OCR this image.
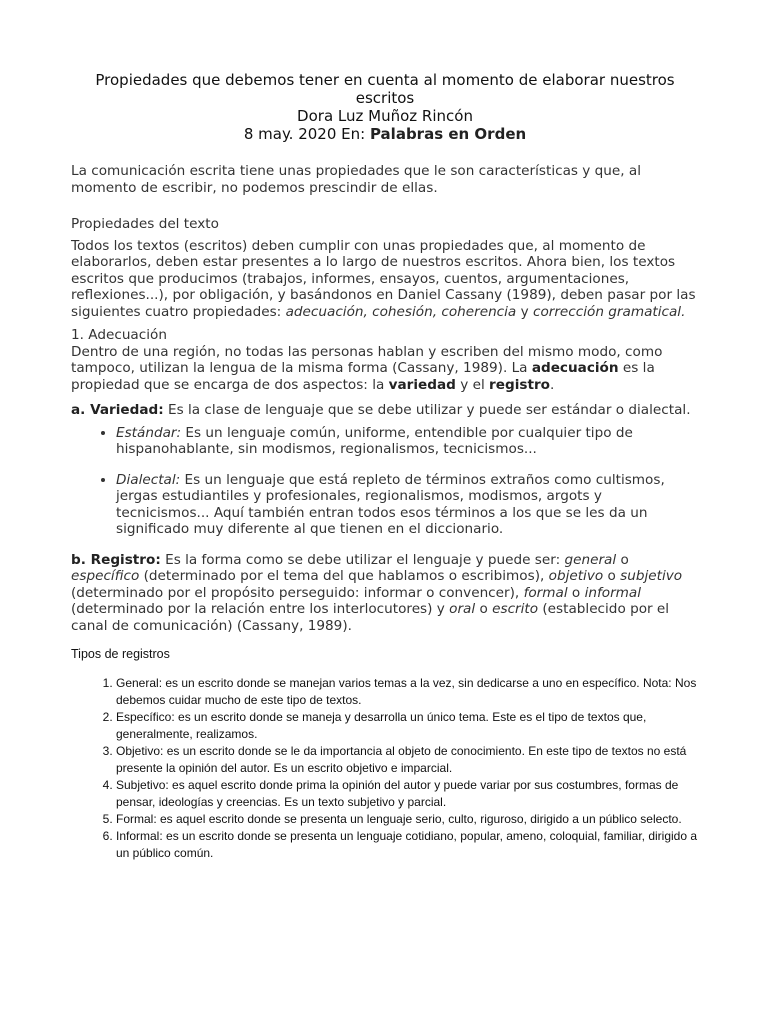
Propiedades que debemos tener en cuenta al momento de elaborar nuestros escritos

Dora Luz Muñoz Rincón

8 may. 2020 En: Palabras en Orden

La comunicación escrita tiene unas propiedades que le son características y que, al momento de escribir, no podemos prescindir de ellas.

Propiedades del texto

Todos los textos (escritos) deben cumplir con unas propiedades que, al momento de elaborarlos, deben estar presentes a lo largo de nuestros escritos. Ahora bien, los textos escritos que producimos (trabajos, informes, ensayos, cuentos, argumentaciones, reflexiones...), por obligación, y basándonos en Daniel Cassany (1989), deben pasar por las siguientes cuatro propiedades: adecuación, cohesión, coherencia y corrección gramatical.

1. Adecuación

Dentro de una región, no todas las personas hablan y escriben del mismo modo, como tampoco, utilizan la lengua de la misma forma (Cassany, 1989). La adecuación es la propiedad que se encarga de dos aspectos: la variedad y el registro.

a. Variedad: Es la clase de lenguaje que se debe utilizar y puede ser estándar o dialectal.

• Estándar: Es un lenguaje común, uniforme, entendible por cualquier tipo de hispanohablante, sin modismos, regionalismos, tecnicismos...
• Dialectal: Es un lenguaje que está repleto de términos extraños como cultismos, jergas estudiantiles y profesionales, regionalismos, modismos, argots y tecnicismos... Aquí también entran todos esos términos a los que se les da un significado muy diferente al que tienen en el diccionario.

b. Registro: Es la forma como se debe utilizar el lenguaje y puede ser: general o específico (determinado por el tema del que hablamos o escribimos), objetivo o subjetivo (determinado por el propósito perseguido: informar o convencer), formal o informal (determinado por la relación entre los interlocutores) y oral o escrito (establecido por el canal de comunicación) (Cassany, 1989).

Tipos de registros

1. General: es un escrito donde se manejan varios temas a la vez, sin dedicarse a uno en específico. Nota: Nos debemos cuidar mucho de este tipo de textos.
2. Específico: es un escrito donde se maneja y desarrolla un único tema. Este es el tipo de textos que, generalmente, realizamos.
3. Objetivo: es un escrito donde se le da importancia al objeto de conocimiento. En este tipo de textos no está presente la opinión del autor. Es un escrito objetivo e imparcial.
4. Subjetivo: es aquel escrito donde prima la opinión del autor y puede variar por sus costumbres, formas de pensar, ideologías y creencias. Es un texto subjetivo y parcial.
5. Formal: es aquel escrito donde se presenta un lenguaje serio, culto, riguroso, dirigido a un público selecto.
6. Informal: es un escrito donde se presenta un lenguaje cotidiano, popular, ameno, coloquial, familiar, dirigido a un público común.
